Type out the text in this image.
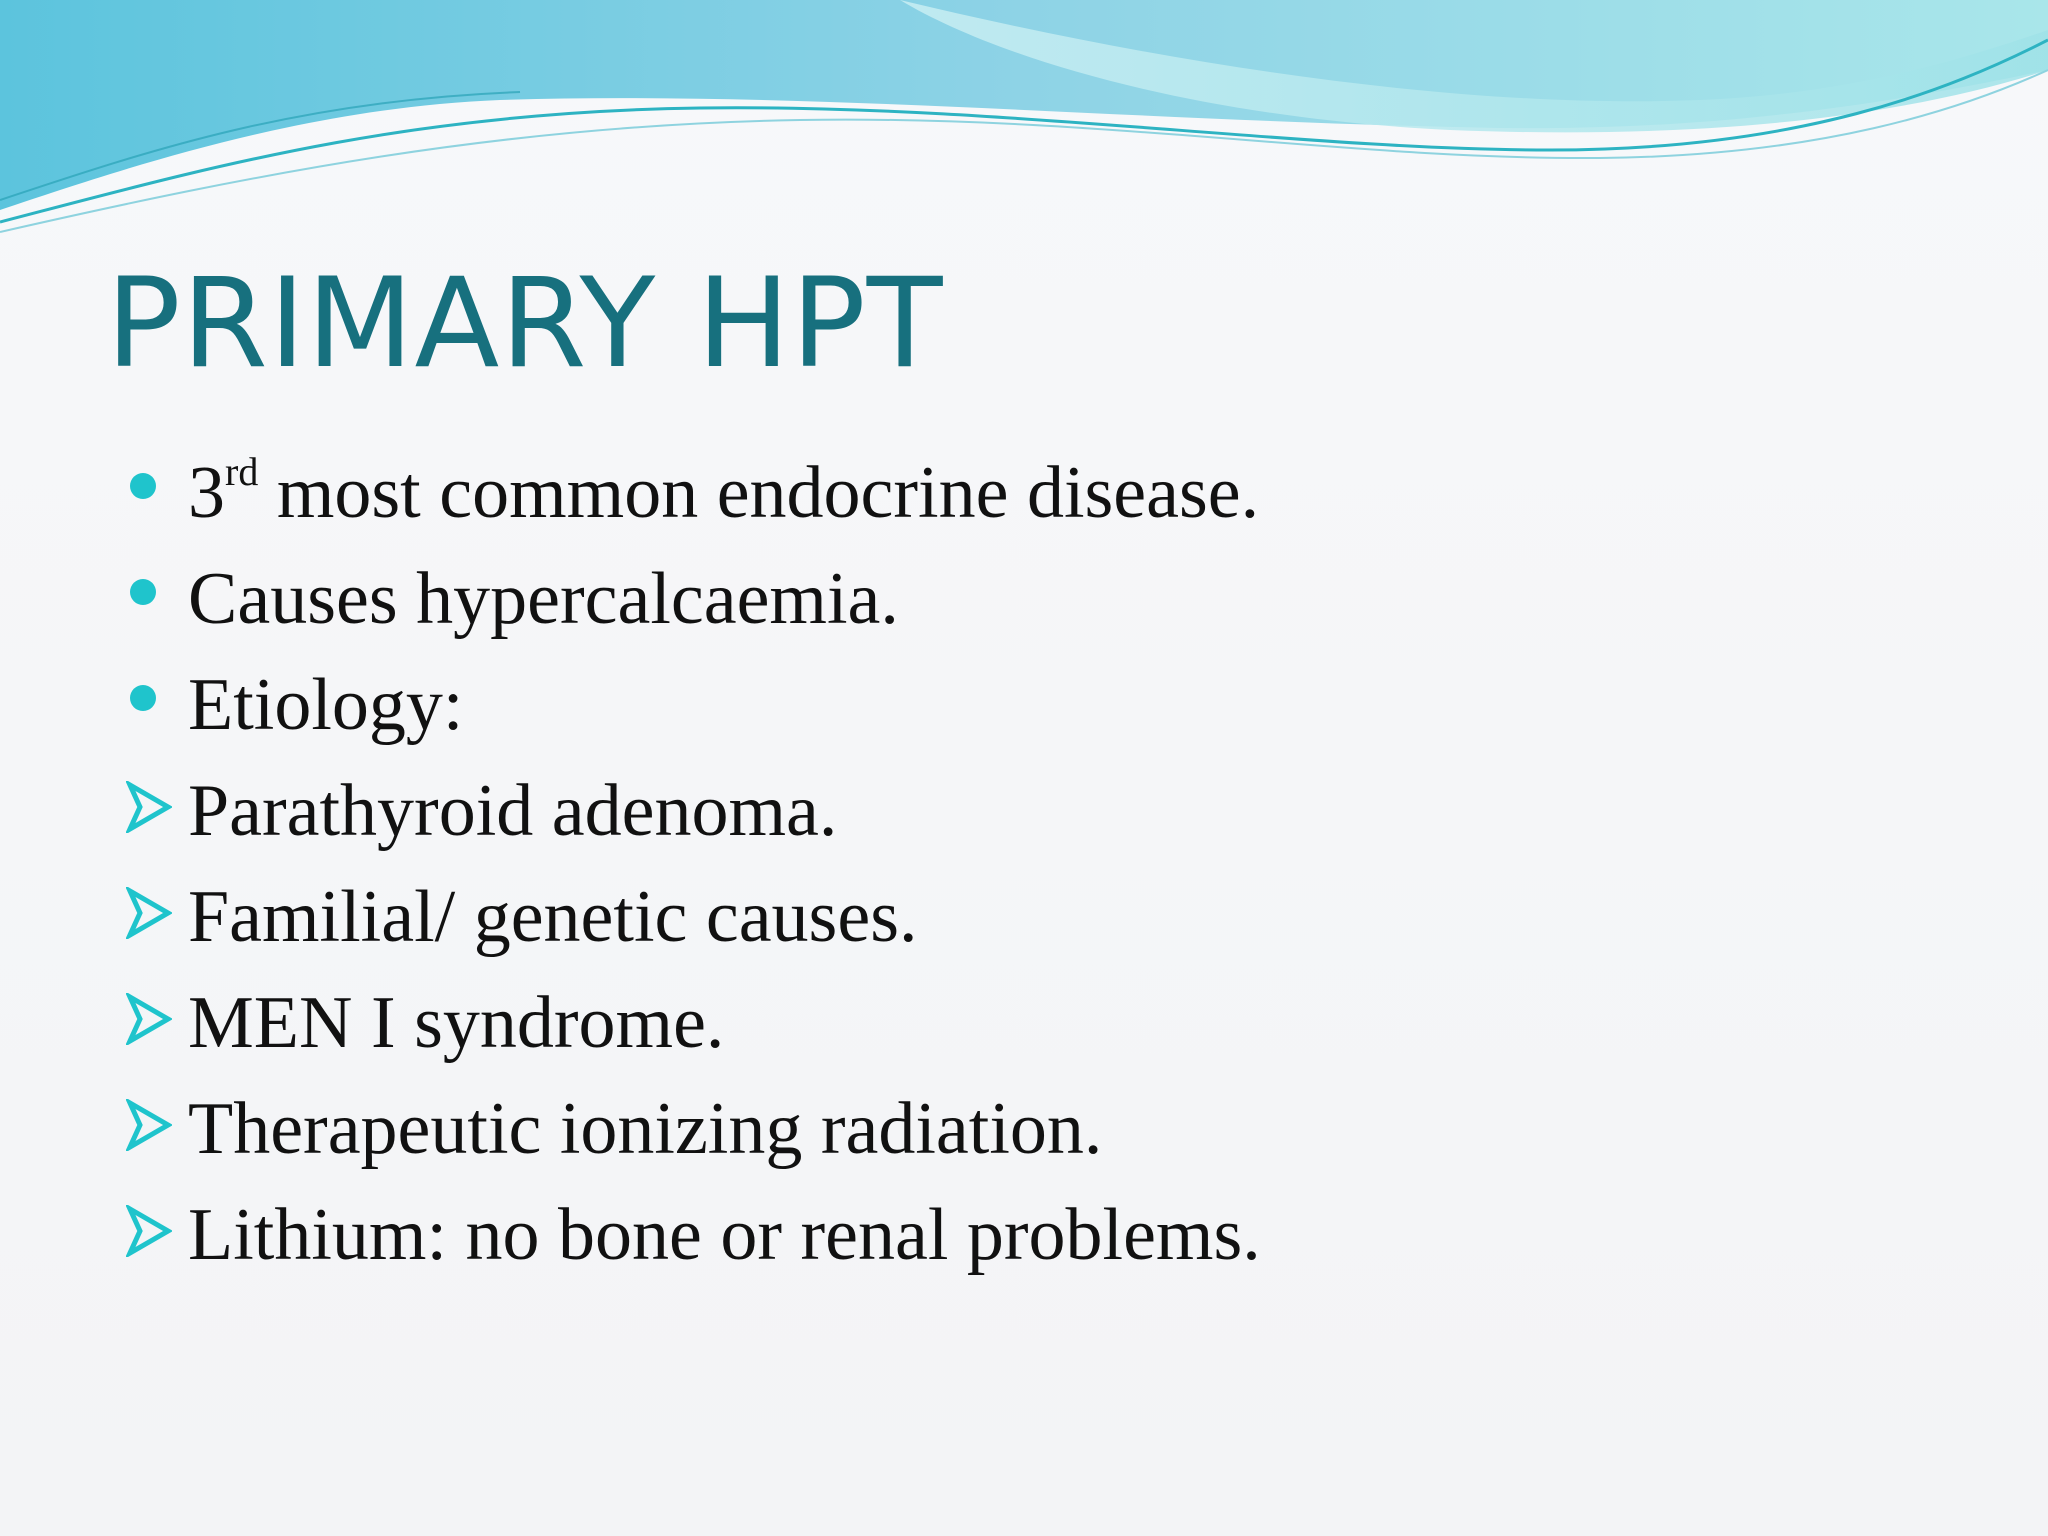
PRIMARY HPT
3rd most common endocrine disease.
Causes hypercalcaemia.
Etiology:
Parathyroid adenoma.
Familial/ genetic causes.
MEN I syndrome.
Therapeutic ionizing radiation.
Lithium: no bone or renal problems.
